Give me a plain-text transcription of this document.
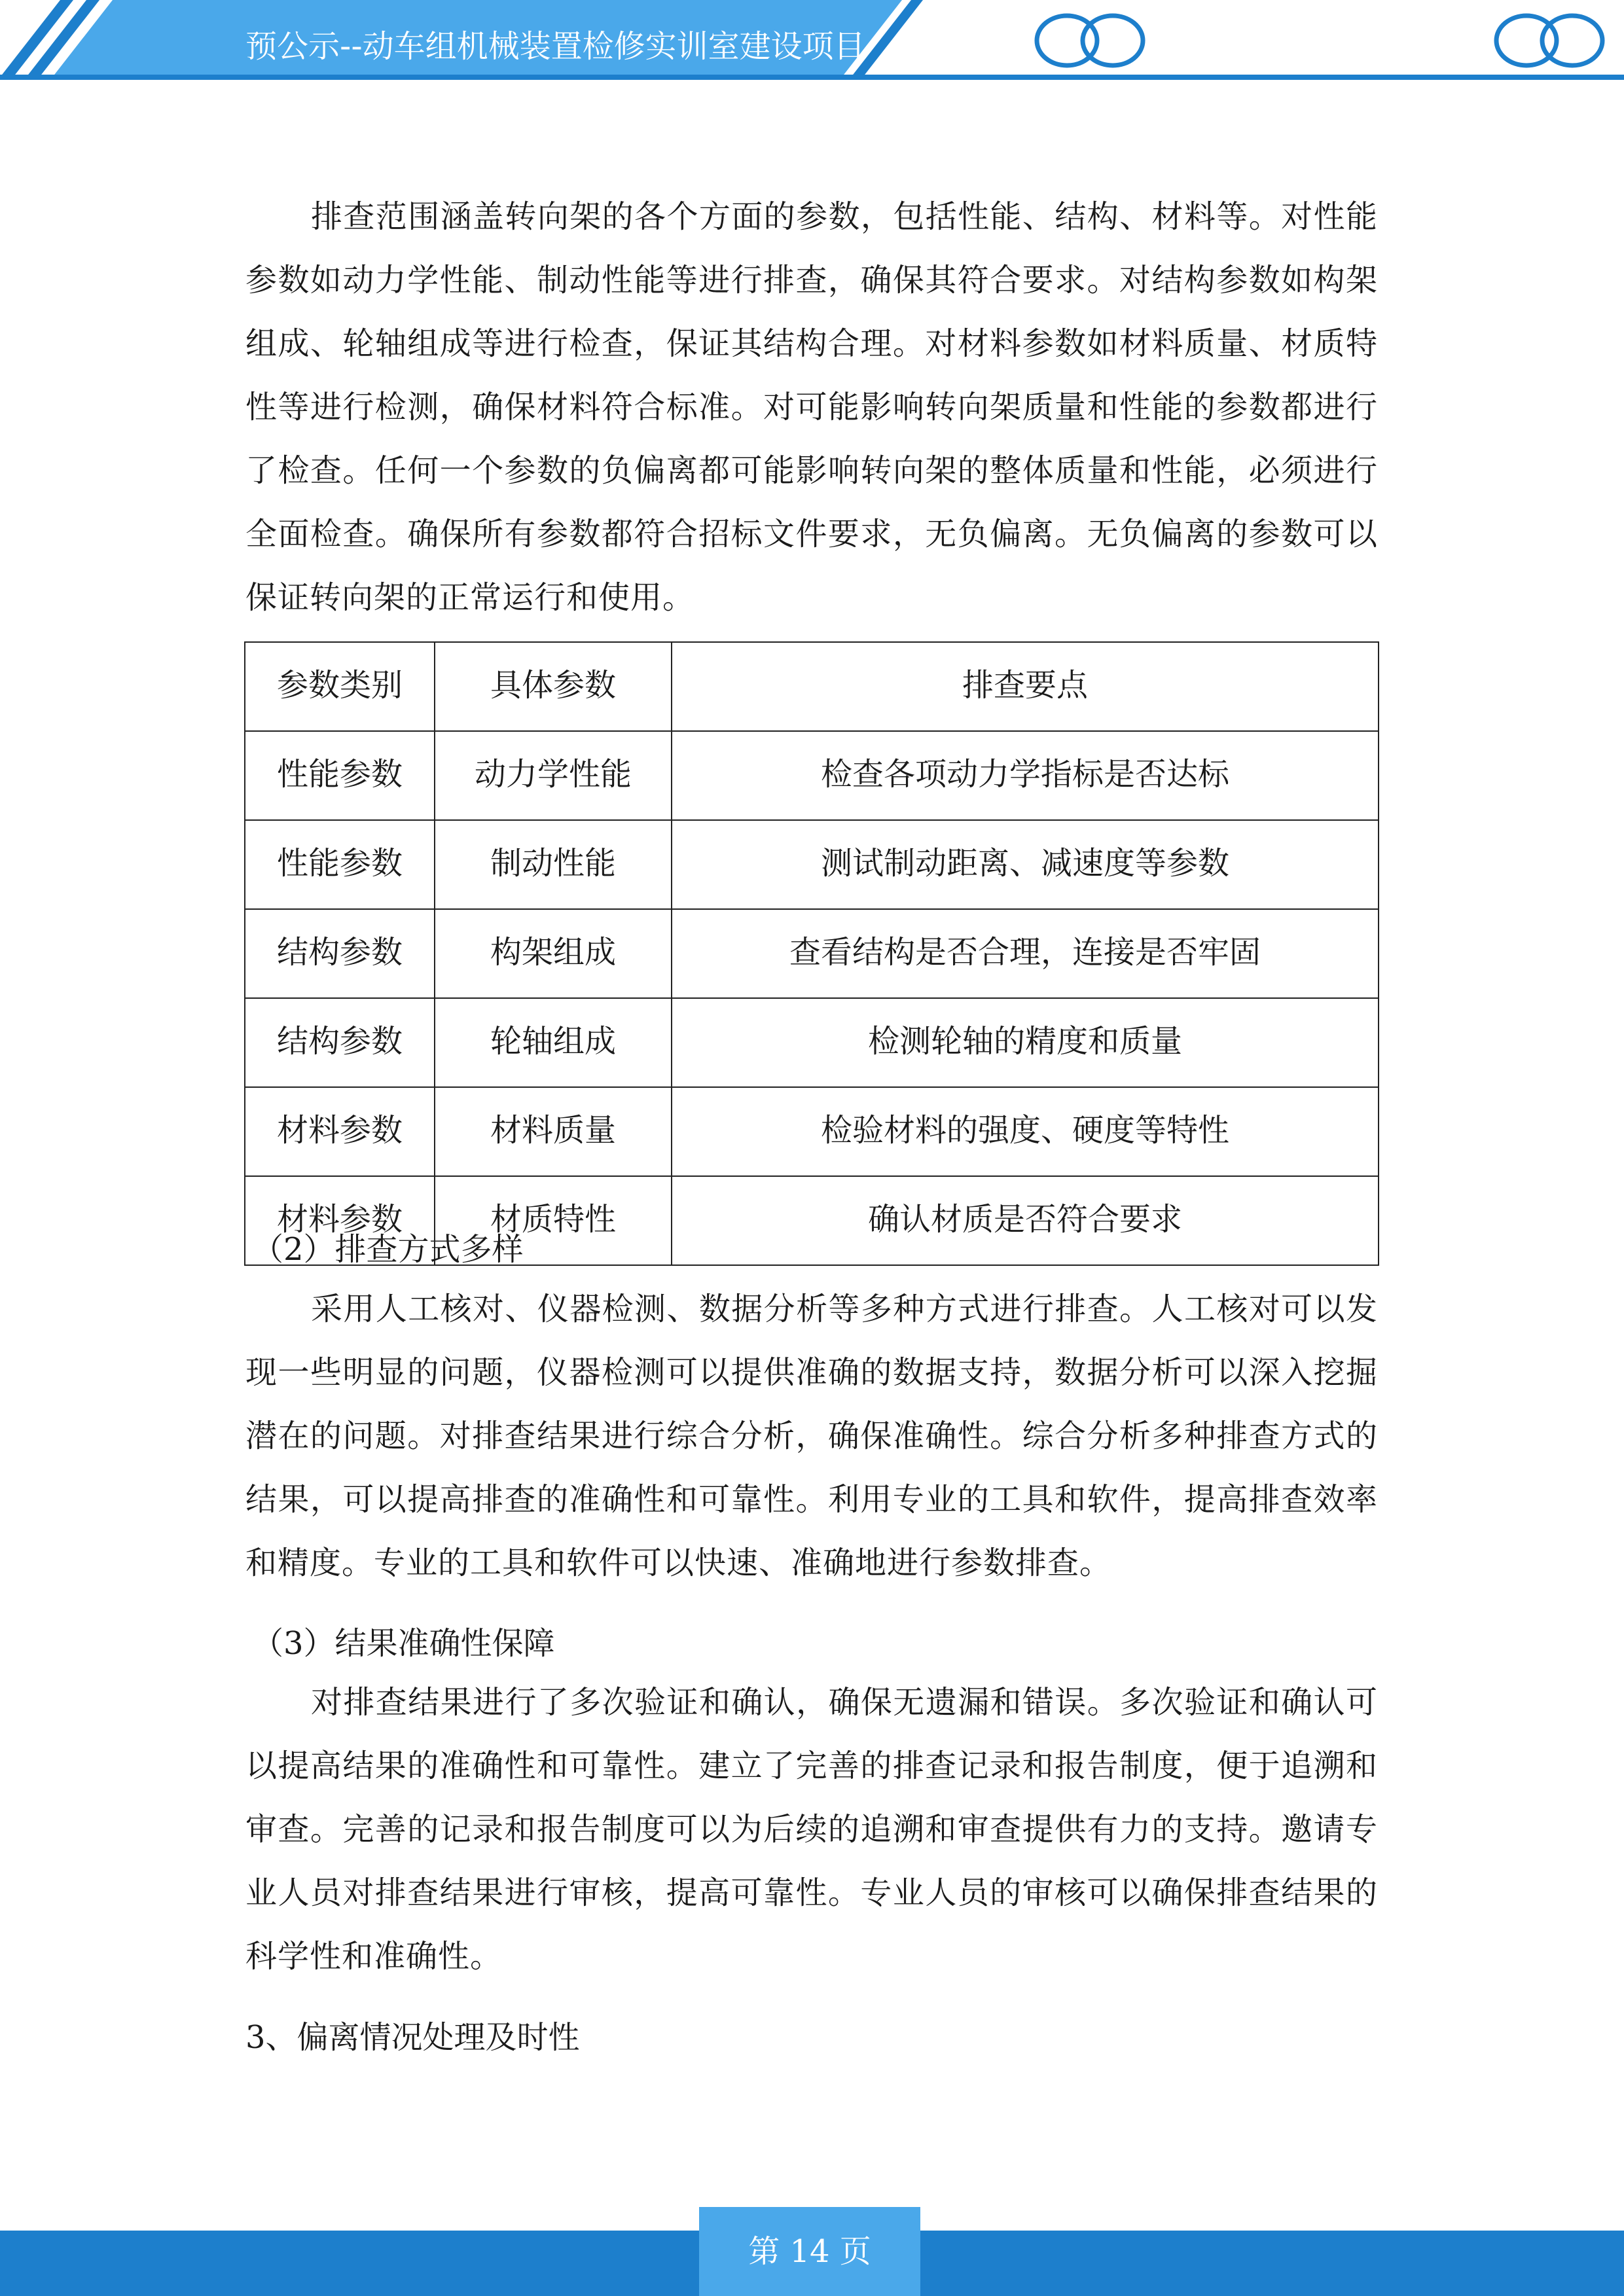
预公示--动车组机械装置检修实训室建设项目

排查范围涵盖转向架的各个方面的参数，包括性能、结构、材料等。对性能参数如动力学性能、制动性能等进行排查，确保其符合要求。对结构参数如构架组成、轮轴组成等进行检查，保证其结构合理。对材料参数如材料质量、材质特性等进行检测，确保材料符合标准。对可能影响转向架质量和性能的参数都进行了检查。任何一个参数的负偏离都可能影响转向架的整体质量和性能，必须进行全面检查。确保所有参数都符合招标文件要求，无负偏离。无负偏离的参数可以保证转向架的正常运行和使用。

参数类别	具体参数	排查要点
性能参数	动力学性能	检查各项动力学指标是否达标
性能参数	制动性能	测试制动距离、减速度等参数
结构参数	构架组成	查看结构是否合理，连接是否牢固
结构参数	轮轴组成	检测轮轴的精度和质量
材料参数	材料质量	检验材料的强度、硬度等特性
材料参数	材质特性	确认材质是否符合要求
（2）排查方式多样

采用人工核对、仪器检测、数据分析等多种方式进行排查。人工核对可以发现一些明显的问题，仪器检测可以提供准确的数据支持，数据分析可以深入挖掘潜在的问题。对排查结果进行综合分析，确保准确性。综合分析多种排查方式的结果，可以提高排查的准确性和可靠性。利用专业的工具和软件，提高排查效率和精度。专业的工具和软件可以快速、准确地进行参数排查。

（3）结果准确性保障

对排查结果进行了多次验证和确认，确保无遗漏和错误。多次验证和确认可以提高结果的准确性和可靠性。建立了完善的排查记录和报告制度，便于追溯和审查。完善的记录和报告制度可以为后续的追溯和审查提供有力的支持。邀请专业人员对排查结果进行审核，提高可靠性。专业人员的审核可以确保排查结果的科学性和准确性。

3、偏离情况处理及时性
第 14 页
